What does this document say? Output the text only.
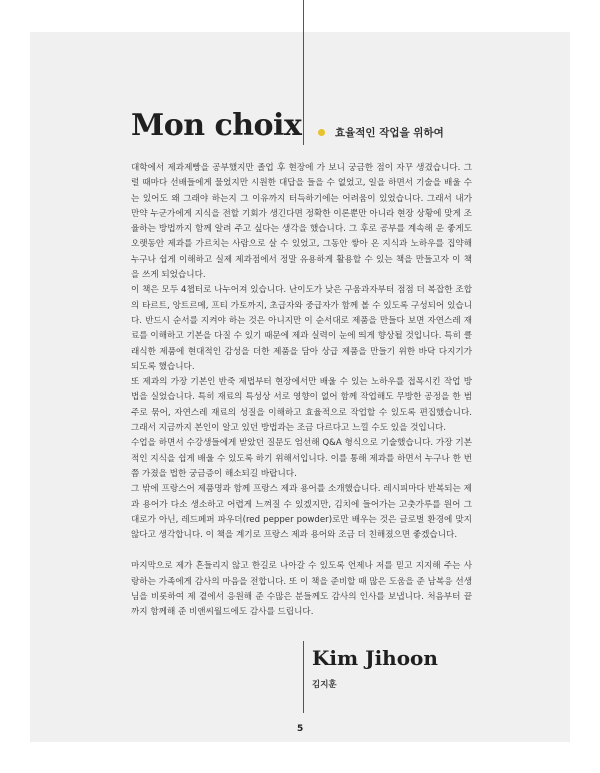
Mon choix	효율적인 작업을 위하여

대학에서 제과제빵을 공부했지만 졸업 후 현장에 가 보니 궁금한 점이 자꾸 생겼습니다. 그럴 때마다 선배들에게 물었지만 시원한 대답을 들을 수 없었고, 일을 하면서 기술을 배울 수는 있어도 왜 그래야 하는지 그 이유까지 터득하기에는 어려움이 있었습니다. 그래서 내가 만약 누군가에게 지식을 전할 기회가 생긴다면 정확한 이론뿐만 아니라 현장 상황에 맞게 조율하는 방법까지 함께 알려 주고 싶다는 생각을 했습니다. 그 후로 공부를 계속해 운 좋게도 오랫동안 제과를 가르치는 사람으로 살 수 있었고, 그동안 쌓아 온 지식과 노하우를 집약해 누구나 쉽게 이해하고 실제 제과점에서 정말 유용하게 활용할 수 있는 책을 만들고자 이 책을 쓰게 되었습니다.

이 책은 모두 4챕터로 나누어져 있습니다. 난이도가 낮은 구움과자부터 점점 더 복잡한 조합의 타르트, 앙트르메, 프티 가토까지, 초급자와 중급자가 함께 볼 수 있도록 구성되어 있습니다. 반드시 순서를 지켜야 하는 것은 아니지만 이 순서대로 제품을 만들다 보면 자연스레 재료를 이해하고 기본을 다질 수 있기 때문에 제과 실력이 눈에 띄게 향상될 것입니다. 특히 클래식한 제품에 현대적인 감성을 더한 제품을 담아 상급 제품을 만들기 위한 바닥 다지기가 되도록 했습니다.

또 제과의 가장 기본인 반죽 제법부터 현장에서만 배울 수 있는 노하우를 접목시킨 작업 방법을 실었습니다. 특히 재료의 특성상 서로 영향이 없어 함께 작업해도 무방한 공정을 한 범주로 묶어, 자연스레 재료의 성질을 이해하고 효율적으로 작업할 수 있도록 편집했습니다. 그래서 지금까지 본인이 알고 있던 방법과는 조금 다르다고 느낄 수도 있을 것입니다.

수업을 하면서 수강생들에게 받았던 질문도 엄선해 Q&A 형식으로 기술했습니다. 가장 기본적인 지식을 쉽게 배울 수 있도록 하기 위해서입니다. 이를 통해 제과를 하면서 누구나 한 번쯤 가졌을 법한 궁금증이 해소되길 바랍니다.

그 밖에 프랑스어 제품명과 함께 프랑스 제과 용어를 소개했습니다. 레시피마다 반복되는 제과 용어가 다소 생소하고 어렵게 느껴질 수 있겠지만, 김치에 들어가는 고춧가루를 원어 그대로가 아닌, 레드페퍼 파우더(red pepper powder)로만 배우는 것은 글로벌 환경에 맞지 않다고 생각합니다. 이 책을 계기로 프랑스 제과 용어와 조금 더 친해졌으면 좋겠습니다.

마지막으로 제가 흔들리지 않고 한길로 나아갈 수 있도록 언제나 저를 믿고 지지해 주는 사랑하는 가족에게 감사의 마음을 전합니다. 또 이 책을 준비할 때 많은 도움을 준 남복응 선생님을 비롯하여 제 곁에서 응원해 준 수많은 분들께도 감사의 인사를 보냅니다. 처음부터 끝까지 함께해 준 비앤씨월드에도 감사를 드립니다.

Kim Jihoon
김지훈
5
